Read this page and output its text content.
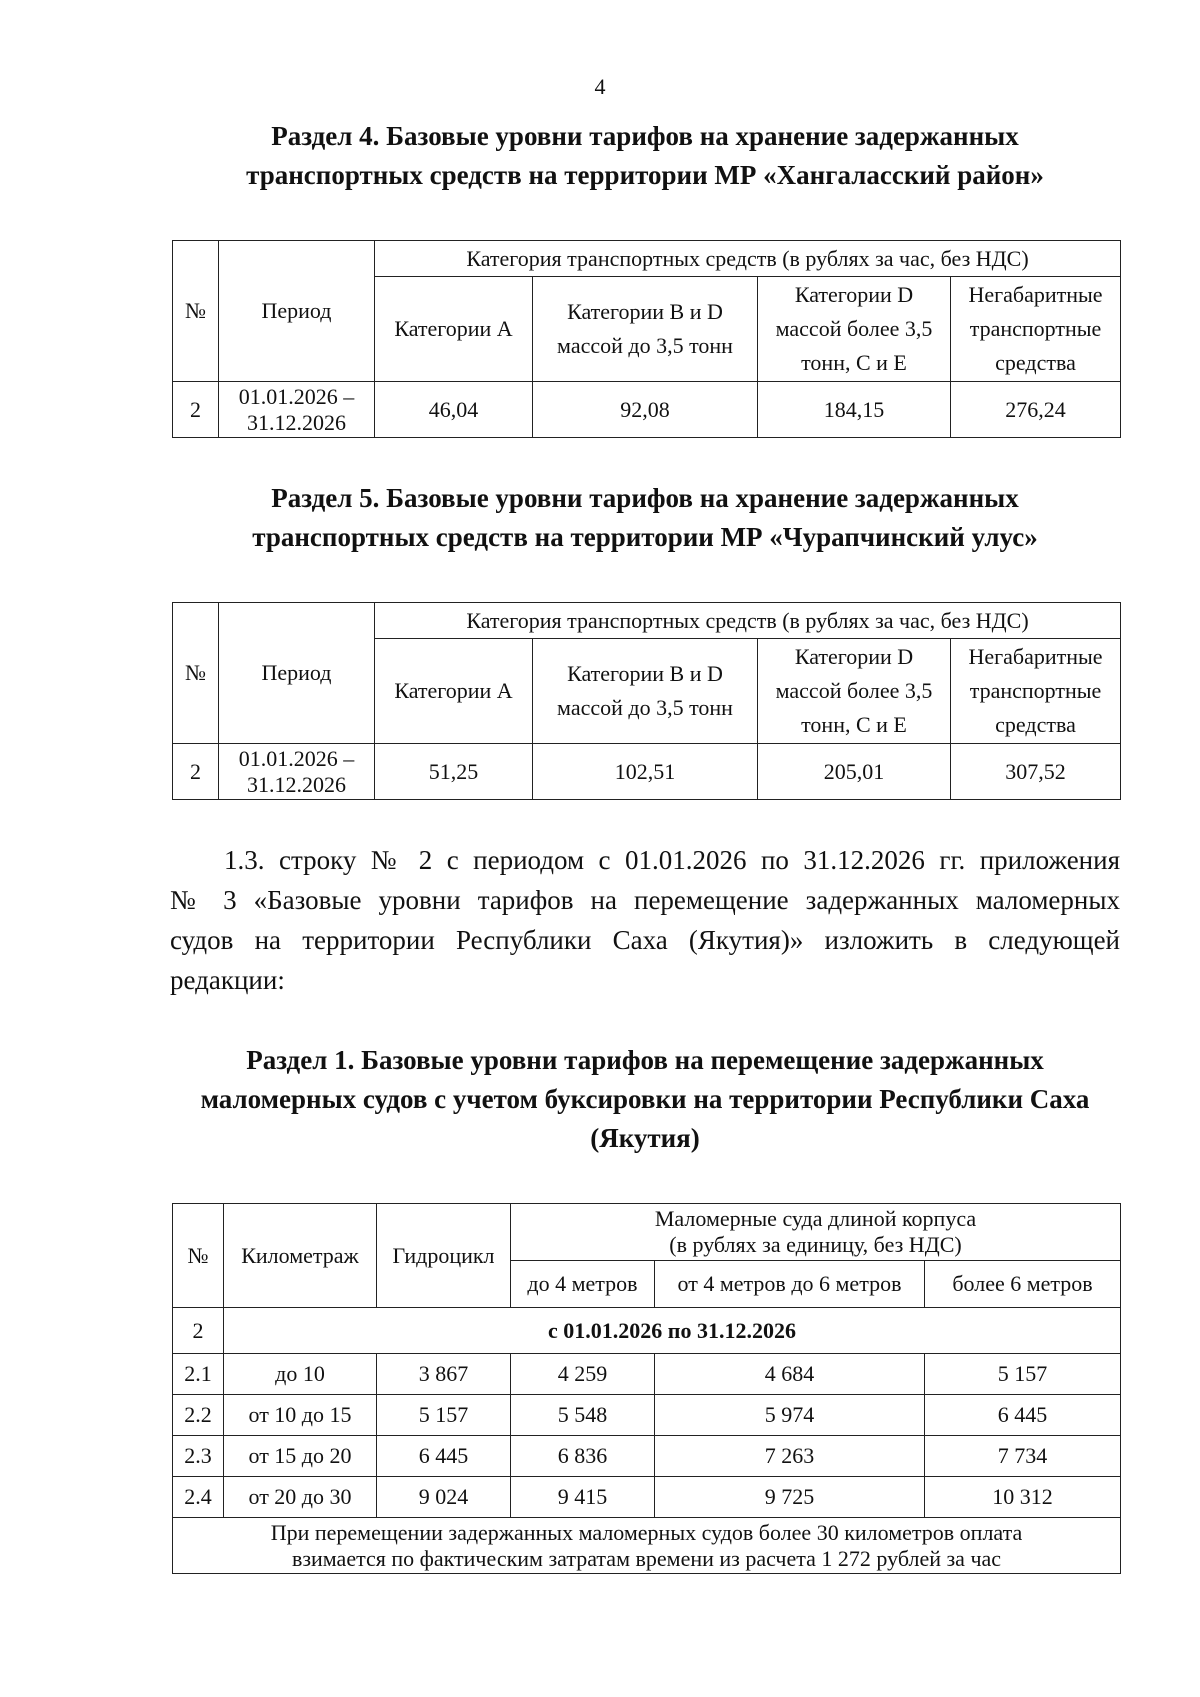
4
Раздел 4. Базовые уровни тарифов на хранение задержанных
транспортных средств на территории МР «Хангаласский район»
№	Период	Категория транспортных средств (в рублях за час, без НДС)			
		Категории А	Категории В и D массой до 3,5 тонн	Категории D массой более 3,5 тонн, С и Е	Негабаритные транспортные средства
2	01.01.2026 – 31.12.2026	46,04	92,08	184,15	276,24
Раздел 5. Базовые уровни тарифов на хранение задержанных
транспортных средств на территории МР «Чурапчинский улус»
№	Период	Категория транспортных средств (в рублях за час, без НДС)			
		Категории А	Категории В и D массой до 3,5 тонн	Категории D массой более 3,5 тонн, С и Е	Негабаритные транспортные средства
2	01.01.2026 – 31.12.2026	51,25	102,51	205,01	307,52
1.3. строку № 2 с периодом с 01.01.2026 по 31.12.2026 гг. приложения
№ 3 «Базовые уровни тарифов на перемещение задержанных маломерных
судов на территории Республики Саха (Якутия)» изложить в следующей
редакции:
Раздел 1. Базовые уровни тарифов на перемещение задержанных
маломерных судов с учетом буксировки на территории Республики Саха
(Якутия)
№	Километраж	Гидроцикл	Маломерные суда длиной корпуса
(в рублях за единицу, без НДС)		

			до 4 метров	от 4 метров до 6 метров	более 6 метров
2	с 01.01.2026 по 31.12.2026				
2.1	до 10	3 867	4 259	4 684	5 157
2.2	от 10 до 15	5 157	5 548	5 974	6 445
2.3	от 15 до 20	6 445	6 836	7 263	7 734
2.4	от 20 до 30	9 024	9 415	9 725	10 312

При перемещении задержанных маломерных судов более 30 километров оплата
взимается по фактическим затратам времени из расчета 1 272 рублей за час					
